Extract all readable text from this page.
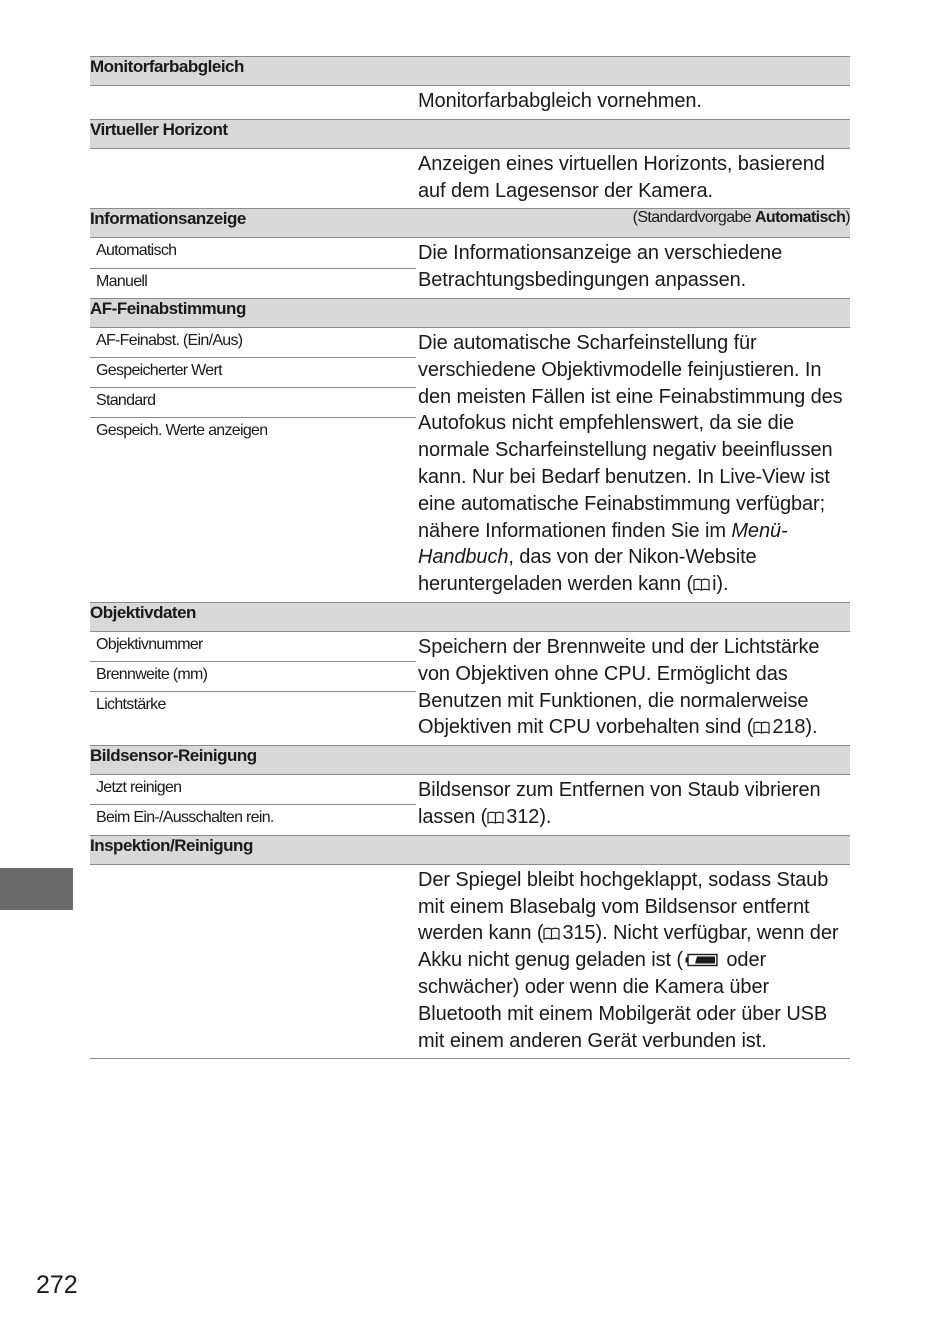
Monitorfarbabgleich	
	Monitorfarbabgleich vornehmen.
Virtueller Horizont	
	Anzeigen eines virtuellen Horizonts, basierend auf dem Lagesensor der Kamera.
Informationsanzeige (Standardvorgabe Automatisch)	

Automatisch	Die Informationsanzeige an verschiedene Betrachtungsbedingungen anpassen.
Manuell	
AF-Feinabstimmung	
AF-Feinabst. (Ein/Aus)	Die automatische Scharfeinstellung für verschiedene Objektivmodelle feinjustieren. In den meisten Fällen ist eine Feinabstimmung des Autofokus nicht empfehlenswert, da sie die normale Scharfeinstellung negativ beeinflussen kann. Nur bei Bedarf benutzen. In Live-View ist eine automatische Feinabstimmung verfügbar; nähere Informationen finden Sie im Menü-Handbuch, das von der Nikon-Website heruntergeladen werden kann ( i).
Gespeicherter Wert	
Standard	
Gespeich. Werte anzeigen	

Objektivdaten	
Objektivnummer	Speichern der Brennweite und der Lichtstärke von Objektiven ohne CPU. Ermöglicht das Benutzen mit Funktionen, die normalerweise Objektiven mit CPU vorbehalten sind ( 218).
Brennweite (mm)	
Lichtstärke	

Bildsensor-Reinigung	
Jetzt reinigen	Bildsensor zum Entfernen von Staub vibrieren lassen ( 312).
Beim Ein-/Ausschalten rein.	
Inspektion/Reinigung	
	Der Spiegel bleibt hochgeklappt, sodass Staub mit einem Blasebalg vom Bildsensor entfernt werden kann ( 315). Nicht verfügbar, wenn der Akku nicht genug geladen ist ( oder schwächer) oder wenn die Kamera über Bluetooth mit einem Mobilgerät oder über USB mit einem anderen Gerät verbunden ist.
272
